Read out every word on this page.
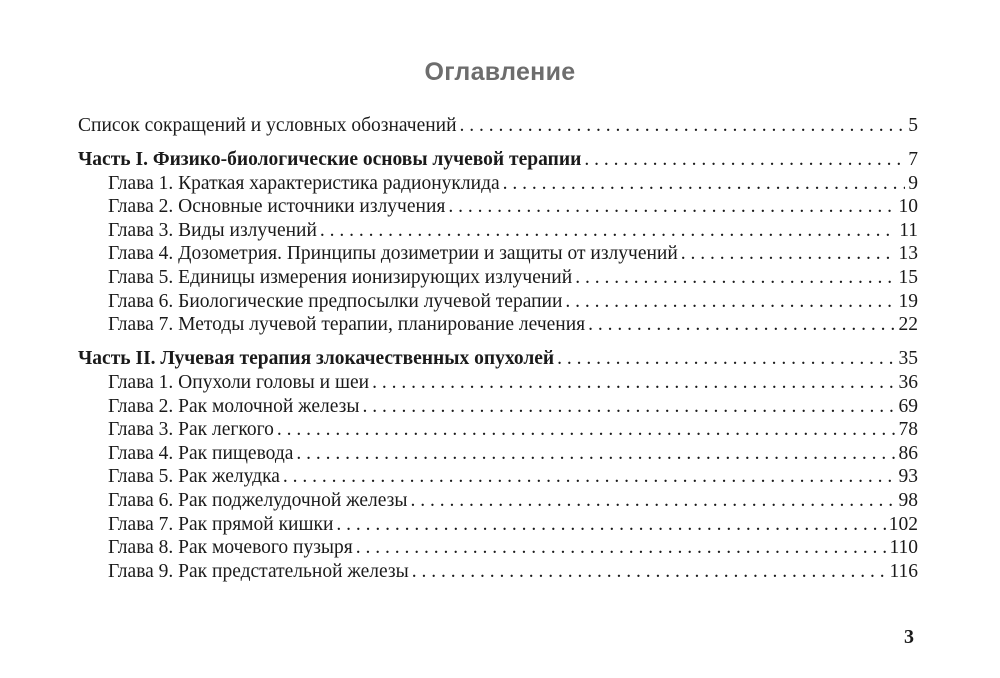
Оглавление
Список сокращений и условных обозначений . . .	5
Часть I. Физико-биологические основы лучевой терапии . . .	7
Глава 1. Краткая характеристика радионуклида . . .	9
Глава 2. Основные источники излучения . . .	10
Глава 3. Виды излучений . . .	11
Глава 4. Дозометрия. Принципы дозиметрии и защиты от излучений . . .	13
Глава 5. Единицы измерения ионизирующих излучений . . .	15
Глава 6. Биологические предпосылки лучевой терапии . . .	19
Глава 7. Методы лучевой терапии, планирование лечения . . .	22
Часть II. Лучевая терапия злокачественных опухолей . . .	35
Глава 1. Опухоли головы и шеи . . .	36
Глава 2. Рак молочной железы . . .	69
Глава 3. Рак легкого . . .	78
Глава 4. Рак пищевода . . .	86
Глава 5. Рак желудка . . .	93
Глава 6. Рак поджелудочной железы . . .	98
Глава 7. Рак прямой кишки . . .	102
Глава 8. Рак мочевого пузыря . . .	110
Глава 9. Рак предстательной железы . . .	116
3
